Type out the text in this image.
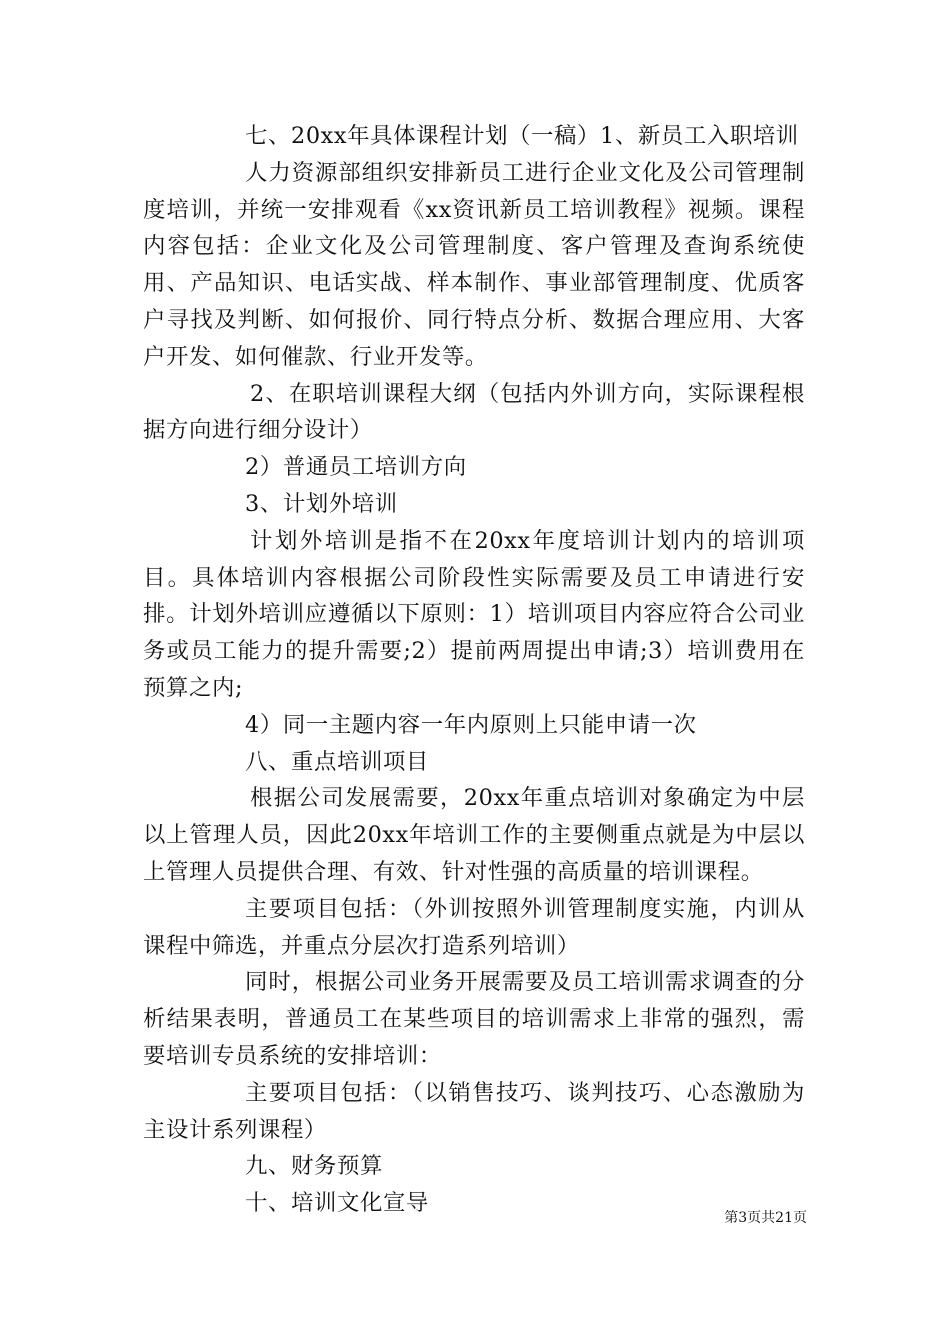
七、20xx年具体课程计划（一稿）1、新员工入职培训

人力资源部组织安排新员工进行企业文化及公司管理制度培训，并统一安排观看《xx资讯新员工培训教程》视频。课程内容包括：企业文化及公司管理制度、客户管理及查询系统使用、产品知识、电话实战、样本制作、事业部管理制度、优质客户寻找及判断、如何报价、同行特点分析、数据合理应用、大客户开发、如何催款、行业开发等。

2、在职培训课程大纲（包括内外训方向，实际课程根据方向进行细分设计）

2）普通员工培训方向

3、计划外培训

计划外培训是指不在20xx年度培训计划内的培训项目。具体培训内容根据公司阶段性实际需要及员工申请进行安排。计划外培训应遵循以下原则：1）培训项目内容应符合公司业务或员工能力的提升需要;2）提前两周提出申请;3）培训费用在预算之内;

4）同一主题内容一年内原则上只能申请一次

八、重点培训项目

根据公司发展需要，20xx年重点培训对象确定为中层以上管理人员，因此20xx年培训工作的主要侧重点就是为中层以上管理人员提供合理、有效、针对性强的高质量的培训课程。

主要项目包括：（外训按照外训管理制度实施，内训从课程中筛选，并重点分层次打造系列培训）

同时，根据公司业务开展需要及员工培训需求调查的分析结果表明，普通员工在某些项目的培训需求上非常的强烈，需要培训专员系统的安排培训：

主要项目包括：（以销售技巧、谈判技巧、心态激励为主设计系列课程）

九、财务预算

十、培训文化宣导

第3页共21页
